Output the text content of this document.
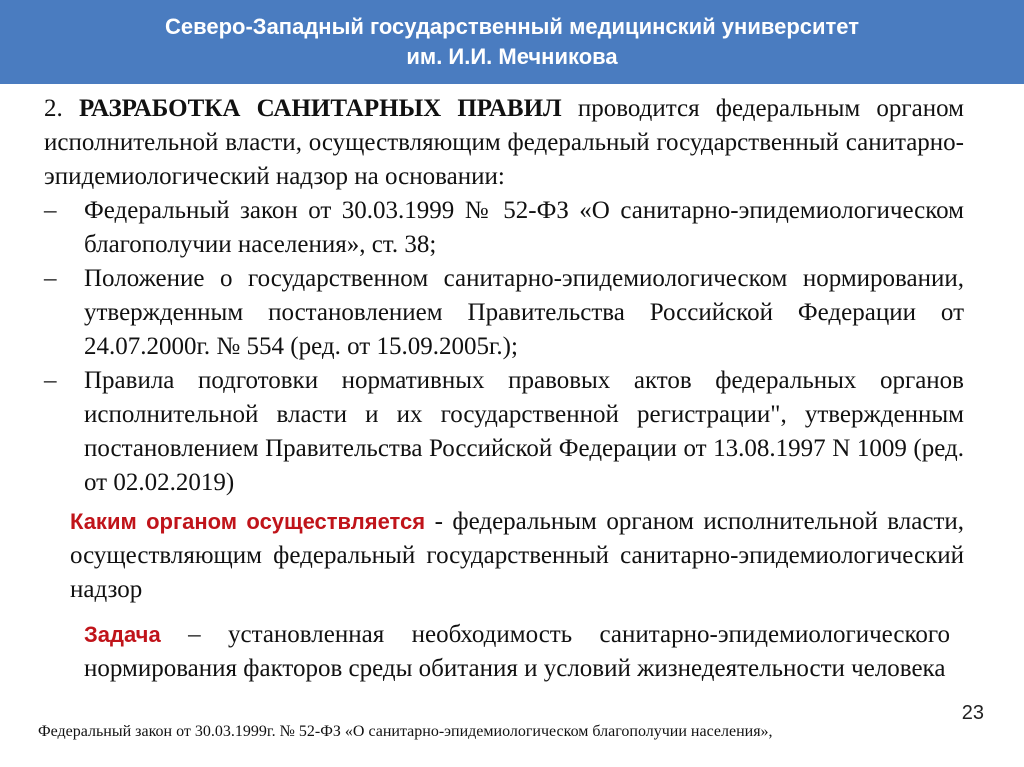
Северо-Западный государственный медицинский университет
им. И.И. Мечникова

2. РАЗРАБОТКА САНИТАРНЫХ ПРАВИЛ проводится федеральным органом исполнительной власти, осуществляющим федеральный государственный санитарно-эпидемиологический надзор на основании:

– Федеральный закон от 30.03.1999 № 52-ФЗ «О санитарно-эпидемиологическом благополучии населения», ст. 38;
– Положение о государственном санитарно-эпидемиологическом нормировании, утвержденным постановлением Правительства Российской Федерации от 24.07.2000г. № 554 (ред. от 15.09.2005г.);
– Правила подготовки нормативных правовых актов федеральных органов исполнительной власти и их государственной регистрации", утвержденным постановлением Правительства Российской Федерации от 13.08.1997 N 1009 (ред. от 02.02.2019)
Каким органом осуществляется - федеральным органом исполнительной власти, осуществляющим федеральный государственный санитарно-эпидемиологический надзор
Задача – установленная необходимость санитарно-эпидемиологического нормирования факторов среды обитания и условий жизнедеятельности человека
23
Федеральный закон от 30.03.1999г. № 52-ФЗ «О санитарно-эпидемиологическом благополучии населения»,
